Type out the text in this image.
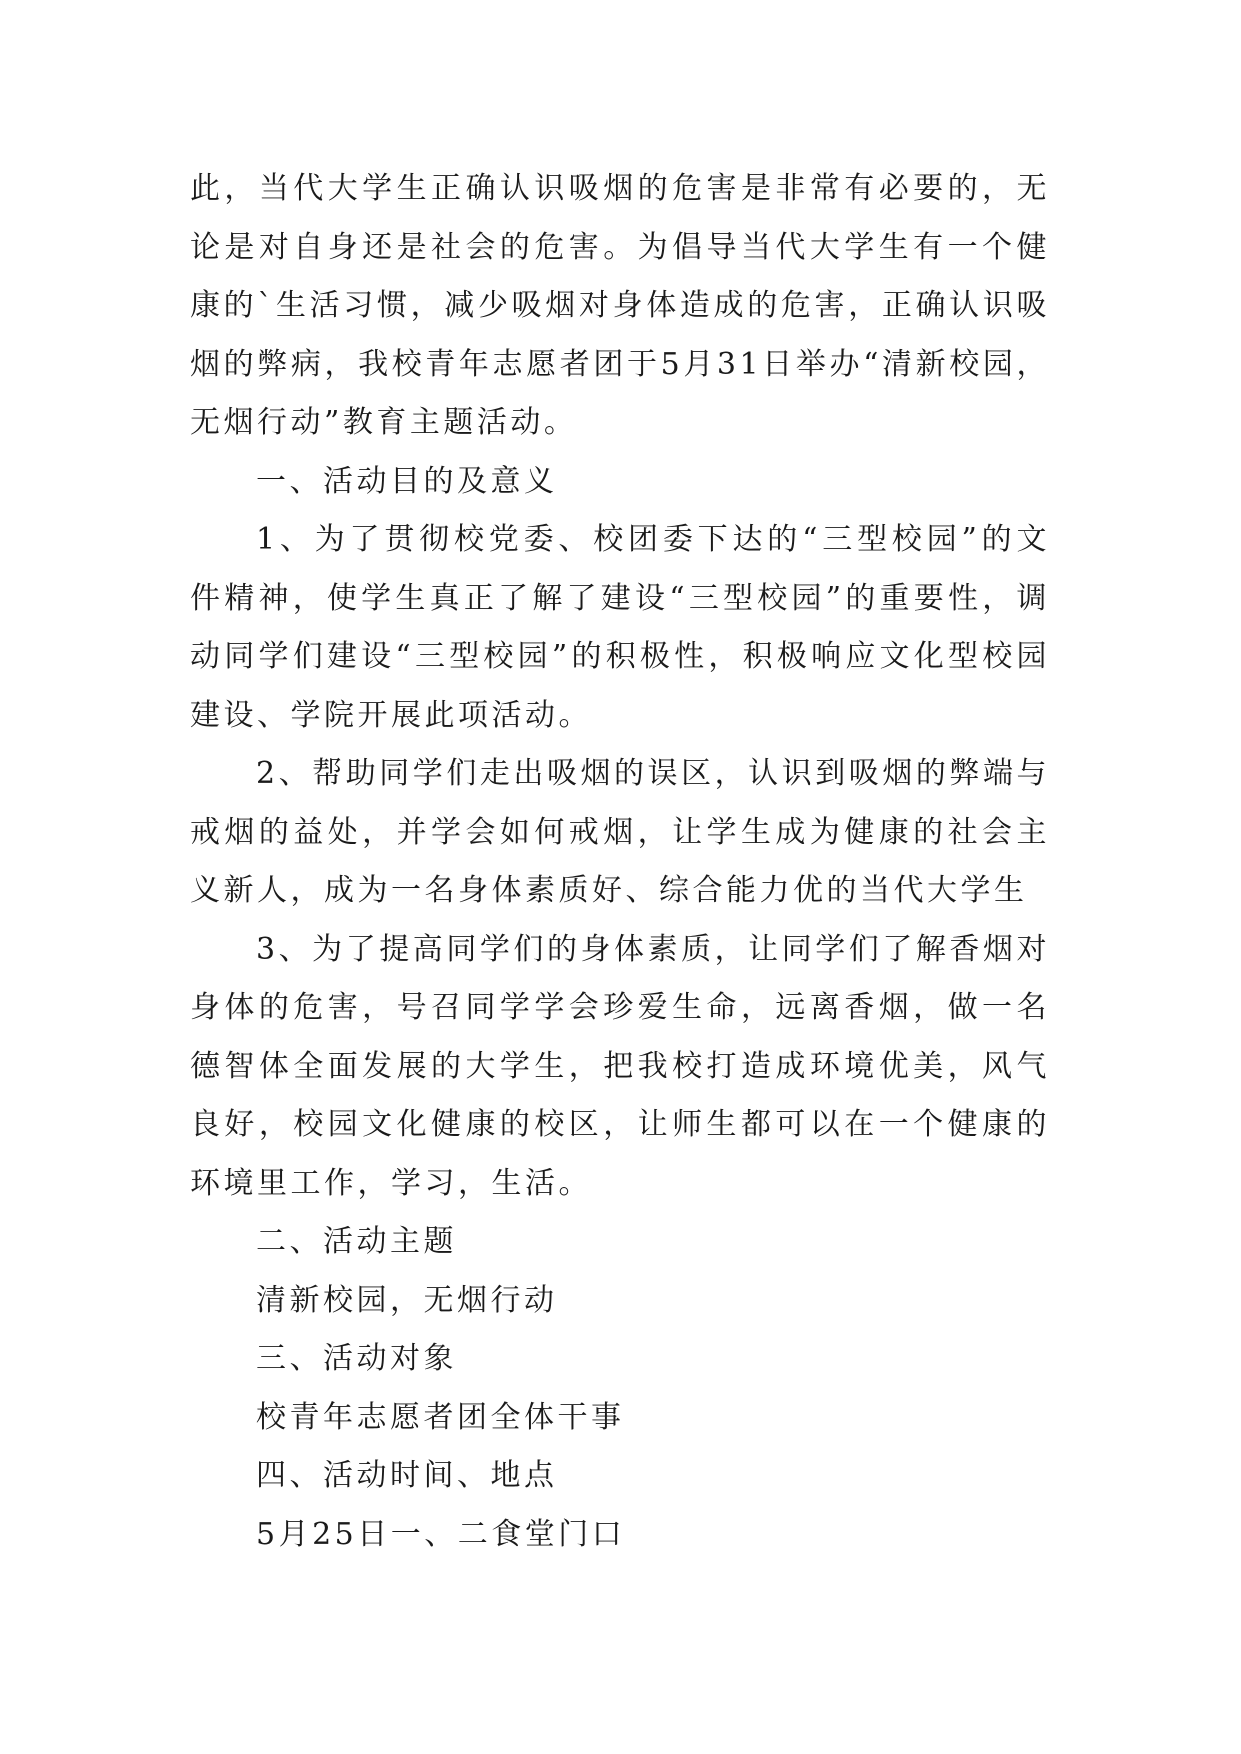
此，当代大学生正确认识吸烟的危害是非常有必要的，无论是对自身还是社会的危害。为倡导当代大学生有一个健康的`生活习惯，减少吸烟对身体造成的危害，正确认识吸烟的弊病，我校青年志愿者团于5月31日举办“清新校园，无烟行动”教育主题活动。

一、活动目的及意义

1、为了贯彻校党委、校团委下达的“三型校园”的文件精神，使学生真正了解了建设“三型校园”的重要性，调动同学们建设“三型校园”的积极性，积极响应文化型校园建设、学院开展此项活动。

2、帮助同学们走出吸烟的误区，认识到吸烟的弊端与戒烟的益处，并学会如何戒烟，让学生成为健康的社会主义新人，成为一名身体素质好、综合能力优的当代大学生

3、为了提高同学们的身体素质，让同学们了解香烟对身体的危害，号召同学学会珍爱生命，远离香烟，做一名德智体全面发展的大学生，把我校打造成环境优美，风气良好，校园文化健康的校区，让师生都可以在一个健康的环境里工作，学习，生活。

二、活动主题

清新校园，无烟行动

三、活动对象

校青年志愿者团全体干事

四、活动时间、地点

5月25日一、二食堂门口
